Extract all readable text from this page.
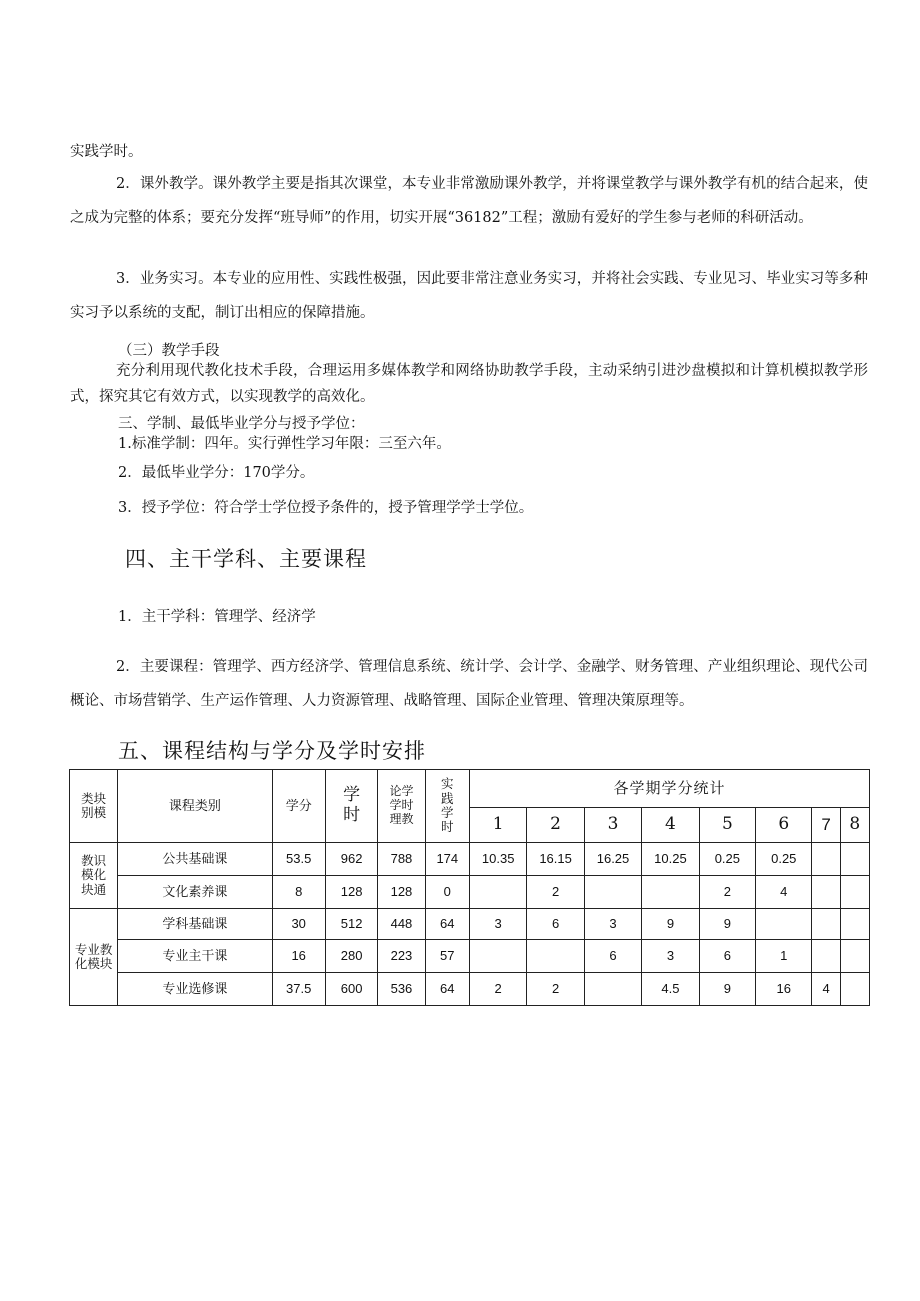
实践学时。
2．课外教学。课外教学主要是指其次课堂，本专业非常激励课外教学，并将课堂教学与课外教学有机的结合起来，使之成为完整的体系；要充分发挥“班导师”的作用，切实开展“36182”工程；激励有爱好的学生参与老师的科研活动。
3．业务实习。本专业的应用性、实践性极强，因此要非常注意业务实习，并将社会实践、专业见习、毕业实习等多种实习予以系统的支配，制订出相应的保障措施。
（三）教学手段
充分利用现代教化技术手段，合理运用多媒体教学和网络协助教学手段，主动采纳引进沙盘模拟和计算机模拟教学形式，探究其它有效方式，以实现教学的高效化。
三、学制、最低毕业学分与授予学位：
1.标准学制：四年。实行弹性学习年限：三至六年。
2．最低毕业学分：170学分。
3．授予学位：符合学士学位授予条件的，授予管理学学士学位。
四、主干学科、主要课程
1．主干学科：管理学、经济学
2．主要课程：管理学、西方经济学、管理信息系统、统计学、会计学、金融学、财务管理、产业组织理论、现代公司概论、市场营销学、生产运作管理、人力资源管理、战略管理、国际企业管理、管理决策原理等。
五、课程结构与学分及学时安排
类块别模	课程类别	学分	学时	论学学时理教	实践学时	各学期学分统计							
						1	2	3	4	5	6	7	8

教识模化块通	公共基础课	53.5	962	788	174	10.35	16.15	16.25	10.25	0.25	0.25		
	文化素养课	8	128	128	0		2			2	4		

专业教化模块	学科基础课	30	512	448	64	3	6	3	9	9			
	专业主干课	16	280	223	57			6	3	6	1		
	专业选修课	37.5	600	536	64	2	2		4.5	9	16	4	
